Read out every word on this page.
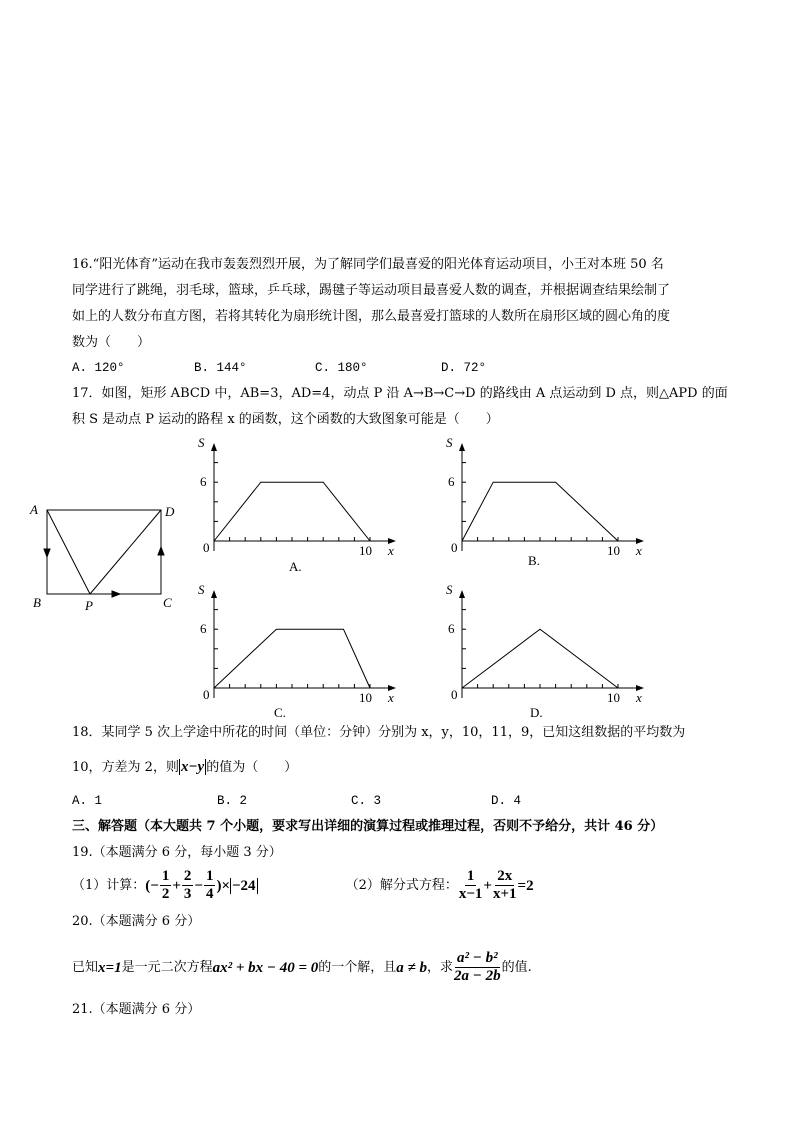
16.“阳光体育”运动在我市轰轰烈烈开展，为了解同学们最喜爱的阳光体育运动项目，小王对本班 50 名
同学进行了跳绳，羽毛球，篮球，乒乓球，踢毽子等运动项目最喜爱人数的调查，并根据调查结果绘制了
如上的人数分布直方图，若将其转化为扇形统计图，那么最喜爱打篮球的人数所在扇形区域的圆心角的度
数为（　　）
A. 120°	B. 144°	C. 180°	D. 72°
17．如图，矩形 ABCD 中，AB=3，AD=4，动点 P 沿 A→B→C→D 的路线由 A 点运动到 D 点，则△APD 的面
积 S 是动点 P 运动的路程 x 的函数，这个函数的大致图象可能是（　　）
A	D
B	P	C
S
6
0	10 x
A.
S
6
0	10 x
B.
S
6
0	10 x
C.
S
6
0	10 x
D.
18．某同学 5 次上学途中所花的时间（单位：分钟）分别为 x，y，10，11，9，已知这组数据的平均数为
10，方差为 2，则 x−y 的值为（　　）
A. 1	B. 2	C. 3	D. 4
三、解答题（本大题共 7 个小题，要求写出详细的演算过程或推理过程，否则不予给分，共计 46 分）
19.（本题满分 6 分，每小题 3 分）
（1）计算： (− $\frac{1}{2} + \frac{2}{3} - \frac{1}{4}$ )× −24	（2）解分式方程： $\frac{1}{x-1} + \frac{2x}{x+1} =2$
20.（本题满分 6 分）
已知 x=1 是一元二次方程 ax² + bx − 40 = 0 的一个解，且 a ≠ b ，求 $\frac{\text{a² − b²}}{2a - 2b}$ 的值.
21.（本题满分 6 分）
